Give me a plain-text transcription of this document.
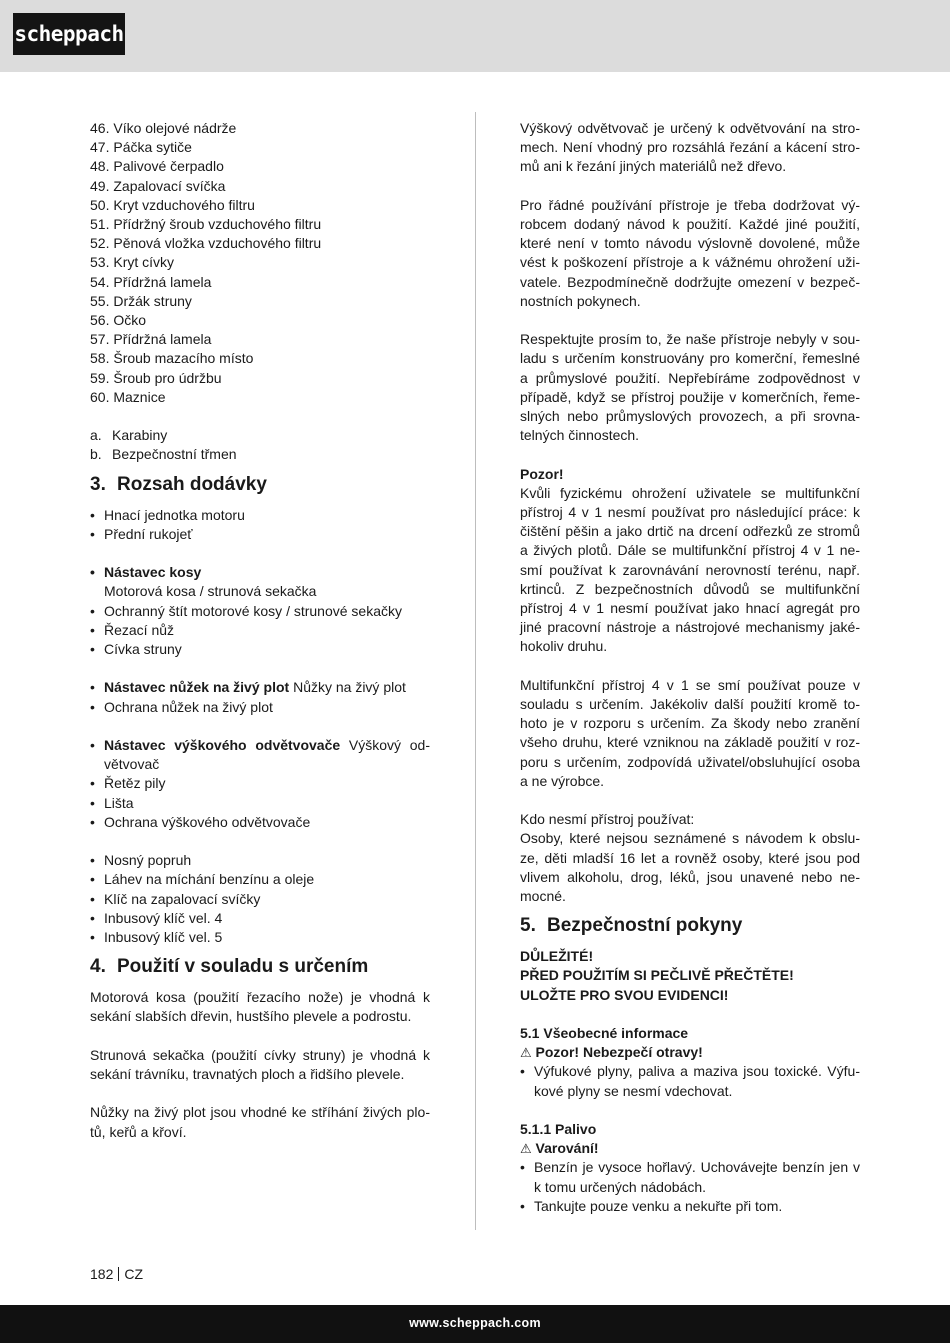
scheppach
46. Víko olejové nádrže
47. Páčka sytiče
48. Palivové čerpadlo
49. Zapalovací svíčka
50. Kryt vzduchového filtru
51. Přídržný šroub vzduchového filtru
52. Pěnová vložka vzduchového filtru
53. Kryt cívky
54. Přídržná lamela
55. Držák struny
56. Očko
57. Přídržná lamela
58. Šroub mazacího místo
59. Šroub pro údržbu
60. Maznice
a. Karabiny
b. Bezpečnostní třmen
3. Rozsah dodávky
• Hnací jednotka motoru
• Přední rukojeť
• Nástavec kosy
Motorová kosa / strunová sekačka
• Ochranný štít motorové kosy / strunové sekačky
• Řezací nůž
• Cívka struny
• Nástavec nůžek na živý plot Nůžky na živý plot
• Ochrana nůžek na živý plot
• Nástavec výškového odvětvovače Výškový od-
větvovač
• Řetěz pily
• Lišta
• Ochrana výškového odvětvovače
• Nosný popruh
• Láhev na míchání benzínu a oleje
• Klíč na zapalovací svíčky
• Inbusový klíč vel. 4
• Inbusový klíč vel. 5
4. Použití v souladu s určením
Motorová kosa (použití řezacího nože) je vhodná k
sekání slabších dřevin, hustšího plevele a podrostu.
Strunová sekačka (použití cívky struny) je vhodná k
sekání trávníku, travnatých ploch a řidšího plevele.
Nůžky na živý plot jsou vhodné ke stříhání živých plo-
tů, keřů a křoví.
Výškový odvětvovač je určený k odvětvování na stro-
mech. Není vhodný pro rozsáhlá řezání a kácení stro-
mů ani k řezání jiných materiálů než dřevo.
Pro řádné používání přístroje je třeba dodržovat vý-
robcem dodaný návod k použití. Každé jiné použití,
které není v tomto návodu výslovně dovolené, může
vést k poškození přístroje a k vážnému ohrožení uži-
vatele. Bezpodmínečně dodržujte omezení v bezpeč-
nostních pokynech.
Respektujte prosím to, že naše přístroje nebyly v sou-
ladu s určením konstruovány pro komerční, řemeslné
a průmyslové použití. Nepřebíráme zodpovědnost v
případě, když se přístroj použije v komerčních, řeme-
slných nebo průmyslových provozech, a při srovna-
telných činnostech.
Pozor!
Kvůli fyzickému ohrožení uživatele se multifunkční
přístroj 4 v 1 nesmí používat pro následující práce: k
čištění pěšin a jako drtič na drcení odřezků ze stromů
a živých plotů. Dále se multifunkční přístroj 4 v 1 ne-
smí používat k zarovnávání nerovností terénu, např.
krtinců. Z bezpečnostních důvodů se multifunkční
přístroj 4 v 1 nesmí používat jako hnací agregát pro
jiné pracovní nástroje a nástrojové mechanismy jaké-
hokoliv druhu.
Multifunkční přístroj 4 v 1 se smí používat pouze v
souladu s určením. Jakékoliv další použití kromě to-
hoto je v rozporu s určením. Za škody nebo zranění
všeho druhu, které vzniknou na základě použití v roz-
poru s určením, zodpovídá uživatel/obsluhující osoba
a ne výrobce.
Kdo nesmí přístroj používat:
Osoby, které nejsou seznámené s návodem k obslu-
ze, děti mladší 16 let a rovněž osoby, které jsou pod
vlivem alkoholu, drog, léků, jsou unavené nebo ne-
mocné.
5. Bezpečnostní pokyny
DŮLEŽITÉ!
PŘED POUŽITÍM SI PEČLIVĚ PŘEČTĚTE!
ULOŽTE PRO SVOU EVIDENCI!
5.1 Všeobecné informace
⚠ Pozor! Nebezpečí otravy!
• Výfukové plyny, paliva a maziva jsou toxické. Výfu-
kové plyny se nesmí vdechovat.
5.1.1 Palivo
⚠ Varování!
• Benzín je vysoce hořlavý. Uchovávejte benzín jen v
k tomu určených nádobách.
• Tankujte pouze venku a nekuřte při tom.
182 CZ
www.scheppach.com
